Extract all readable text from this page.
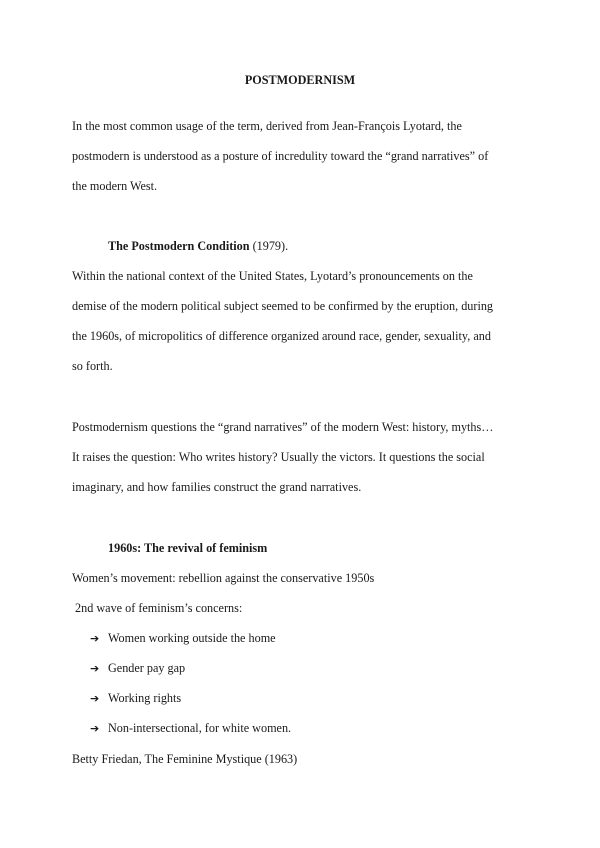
POSTMODERNISM
In the most common usage of the term, derived from Jean-François Lyotard, the
postmodern is understood as a posture of incredulity toward the “grand narratives” of
the modern West.
The Postmodern Condition (1979).
Within the national context of the United States, Lyotard’s pronouncements on the
demise of the modern political subject seemed to be confirmed by the eruption, during
the 1960s, of micropolitics of difference organized around race, gender, sexuality, and
so forth.
Postmodernism questions the “grand narratives” of the modern West: history, myths…
It raises the question: Who writes history? Usually the victors. It questions the social
imaginary, and how families construct the grand narratives.
1960s: The revival of feminism
Women’s movement: rebellion against the conservative 1950s
2nd wave of feminism’s concerns:
➔ Women working outside the home
➔ Gender pay gap
➔ Working rights
➔ Non-intersectional, for white women.
Betty Friedan, The Feminine Mystique (1963)
